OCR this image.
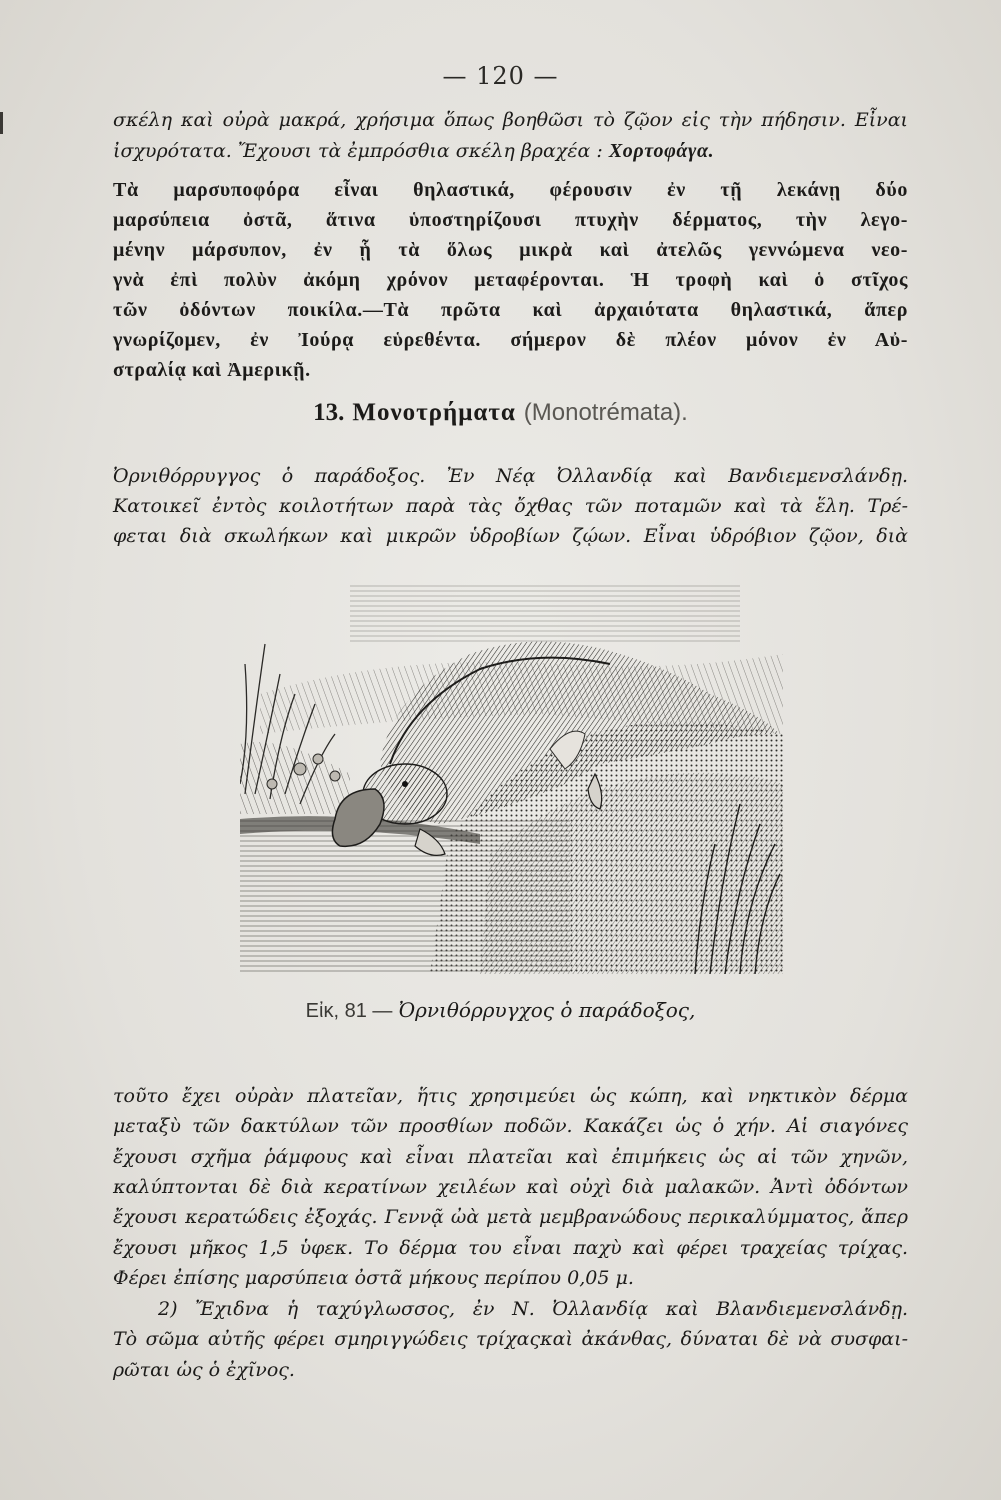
— 120 —
σκέλη καὶ οὐρὰ μακρά, χρήσιμα ὅπως βοηθῶσι τὸ ζῷον εἰς τὴν πήδησιν. Εἶναι
ἰσχυρότατα. Ἔχουσι τὰ ἐμπρόσθια σκέλη βραχέα : Χορτοφάγα.
Τὰ μαρσυποφόρα εἶναι θηλαστικά, φέρουσιν ἐν τῇ λεκάνῃ δύο
μαρσύπεια ὀστᾶ, ἅτινα ὑποστηρίζουσι πτυχὴν δέρματος, τὴν λεγο-
μένην μάρσυπον, ἐν ᾗ τὰ ὅλως μικρὰ καὶ ἀτελῶς γεννώμενα νεο-
γνὰ ἐπὶ πολὺν ἀκόμη χρόνον μεταφέρονται. Ἡ τροφὴ καὶ ὁ στῖχος
τῶν ὀδόντων ποικίλα.—Τὰ πρῶτα καὶ ἀρχαιότατα θηλαστικά, ἅπερ
γνωρίζομεν, ἐν Ἰούρᾳ εὑρεθέντα. σήμερον δὲ πλέον μόνον ἐν Αὐ-
στραλίᾳ καὶ Ἀμερικῇ.
13. Μονοτρήματα (Monotrémata).
Ὀρνιθόρρυγγος ὁ παράδοξος. Ἐν Νέᾳ Ὀλλανδίᾳ καὶ Βανδιεμενσλάνδῃ.
Κατοικεῖ ἐντὸς κοιλοτήτων παρὰ τὰς ὄχθας τῶν ποταμῶν καὶ τὰ ἕλη. Τρέ-
φεται διὰ σκωλήκων καὶ μικρῶν ὑδροβίων ζῴων. Εἶναι ὑδρόβιον ζῷον, διὰ
Εἰκ, 81 — Ὀρνιθόρρυγχος ὁ παράδοξος,
τοῦτο ἔχει οὐρὰν πλατεῖαν, ἥτις χρησιμεύει ὡς κώπη, καὶ νηκτικὸν δέρμα
μεταξὺ τῶν δακτύλων τῶν προσθίων ποδῶν. Κακάζει ὡς ὁ χήν. Αἱ σιαγόνες
ἔχουσι σχῆμα ῥάμφους καὶ εἶναι πλατεῖαι καὶ ἐπιμήκεις ὡς αἱ τῶν χηνῶν,
καλύπτονται δὲ διὰ κερατίνων χειλέων καὶ οὐχὶ διὰ μαλακῶν. Ἀντὶ ὀδόντων
ἔχουσι κερατώδεις ἐξοχάς. Γεννᾷ ὠὰ μετὰ μεμβρανώδους περικαλύμματος, ἅπερ
ἔχουσι μῆκος 1,5 ὑφεκ. Το δέρμα του εἶναι παχὺ καὶ φέρει τραχείας τρίχας.
Φέρει ἐπίσης μαρσύπεια ὀστᾶ μήκους περίπου 0,05 μ.
2) Ἔχιδνα ἡ ταχύγλωσσος, ἐν Ν. Ὀλλανδίᾳ καὶ Βλανδιεμενσλάνδῃ.
Τὸ σῶμα αὐτῆς φέρει σμηριγγώδεις τρίχαςκαὶ ἀκάνθας, δύναται δὲ νὰ συσφαι-
ρῶται ὡς ὁ ἐχῖνος.
